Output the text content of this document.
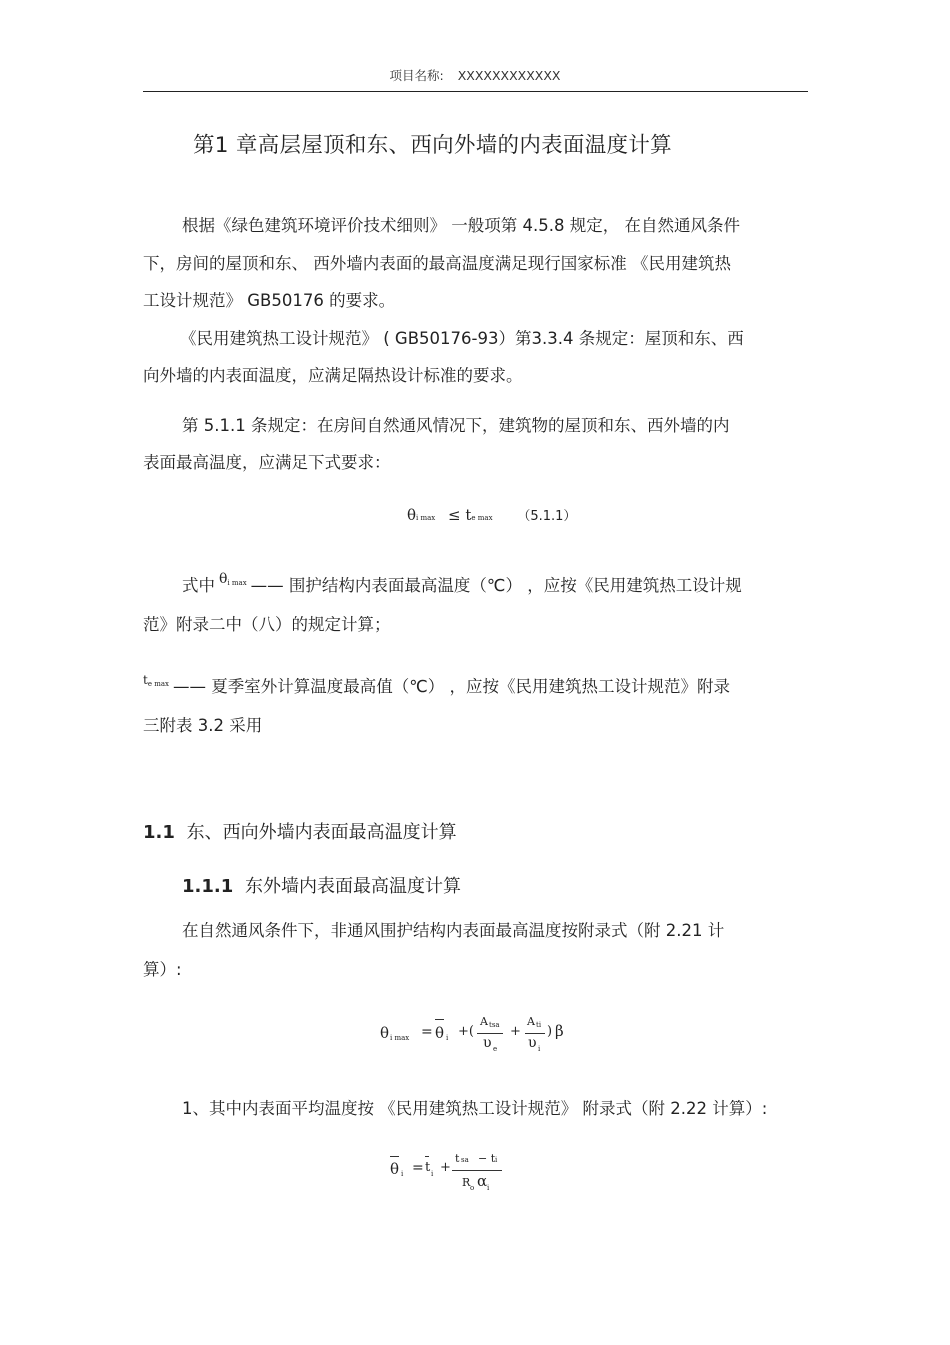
项目名称: XXXXXXXXXXXX
第1 章高层屋顶和东、西向外墙的内表面温度计算
根据《绿色建筑环境评价技术细则》 一般项第 4.5.8 规定， 在自然通风条件
下，房间的屋顶和东、 西外墙内表面的最高温度满足现行国家标准 《民用建筑热
工设计规范》 GB50176 的要求。
《民用建筑热工设计规范》 ( GB50176-93）第3.3.4 条规定：屋顶和东、西
向外墙的内表面温度，应满足隔热设计标准的要求。
第 5.1.1 条规定：在房间自然通风情况下，建筑物的屋顶和东、西外墙的内
表面最高温度，应满足下式要求：
θi max ≤ te max （5.1.1）
式中 $^{\theta i max}$ —— 围护结构内表面最高温度（℃） ，应按《民用建筑热工设计规
范》附录二中（八）的规定计算；
$^{te max}$ —— 夏季室外计算温度最高值（℃） ，应按《民用建筑热工设计规范》附录
三附表 3.2 采用
1.1 东、西向外墙内表面最高温度计算
1.1.1 东外墙内表面最高温度计算
在自然通风条件下，非通风围护结构内表面最高温度按附录式（附 2.21 计
算）:
θ i max = θ i +(
A tsa
υ e
+
A ti
υ i
) β
1、其中内表面平均温度按 《民用建筑热工设计规范》 附录式（附 2.22 计算）:
θ i = t i +
t sa − t i
R o α i
